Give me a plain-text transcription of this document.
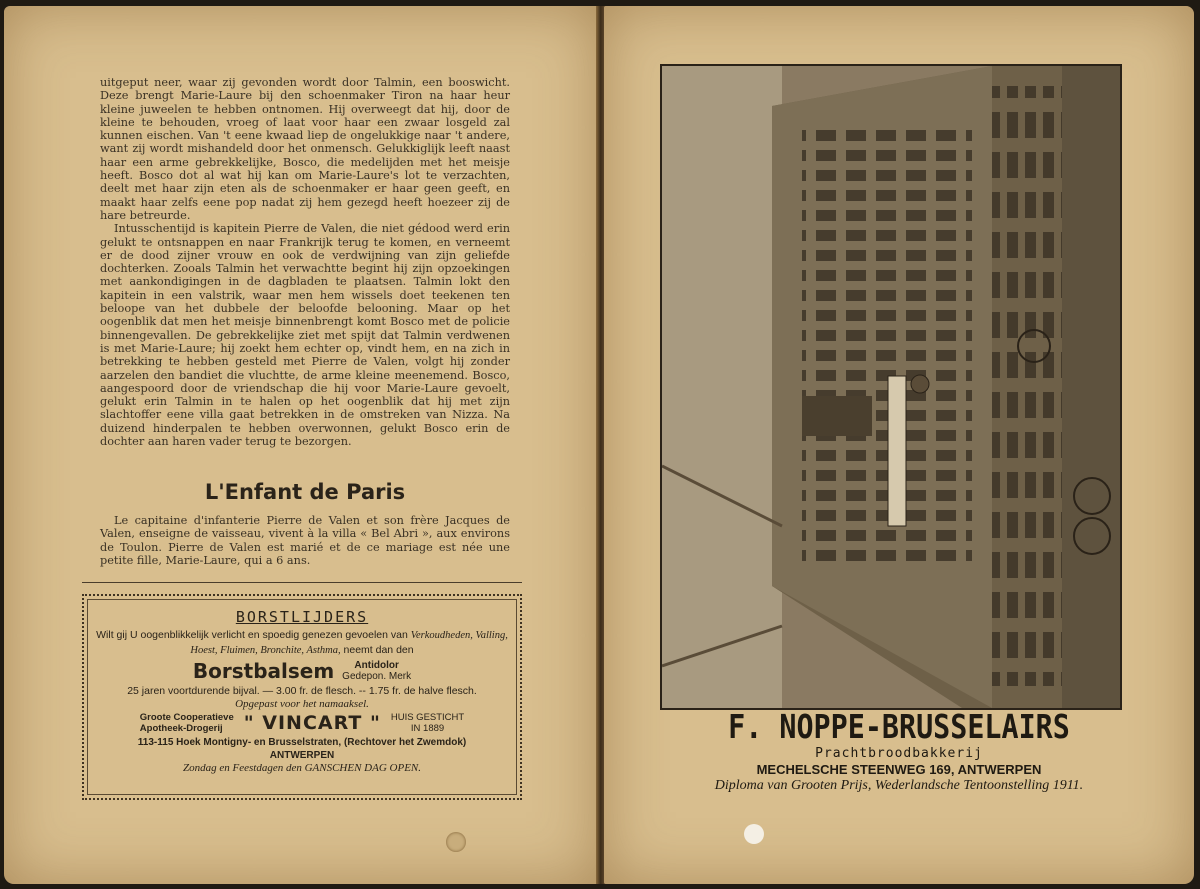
uitgeput neer, waar zij gevonden wordt door Talmin, een booswicht. Deze brengt Marie-Laure bij den schoenmaker Tiron na haar heur kleine juweelen te hebben ontnomen. Hij overweegt dat hij, door de kleine te behouden, vroeg of laat voor haar een zwaar losgeld zal kunnen eischen. Van 't eene kwaad liep de ongelukkige naar 't andere, want zij wordt mishandeld door het onmensch. Gelukkiglijk leeft naast haar een arme gebrekkelijke, Bosco, die medelijden met het meisje heeft. Bosco dot al wat hij kan om Marie-Laure's lot te verzachten, deelt met haar zijn eten als de schoenmaker er haar geen geeft, en maakt haar zelfs eene pop nadat zij hem gezegd heeft hoezeer zij de hare betreurde.

Intusschentijd is kapitein Pierre de Valen, die niet gédood werd erin gelukt te ontsnappen en naar Frankrijk terug te komen, en verneemt er de dood zijner vrouw en ook de verdwijning van zijn geliefde dochterken. Zooals Talmin het verwachtte begint hij zijn opzoekingen met aankondigingen in de dagbladen te plaatsen. Talmin lokt den kapitein in een valstrik, waar men hem wissels doet teekenen ten beloope van het dubbele der beloofde belooning. Maar op het oogenblik dat men het meisje binnenbrengt komt Bosco met de policie binnengevallen. De gebrekkelijke ziet met spijt dat Talmin verdwenen is met Marie-Laure; hij zoekt hem echter op, vindt hem, en na zich in betrekking te hebben gesteld met Pierre de Valen, volgt hij zonder aarzelen den bandiet die vluchtte, de arme kleine meenemend. Bosco, aangespoord door de vriendschap die hij voor Marie-Laure gevoelt, gelukt erin Talmin in te halen op het oogenblik dat hij met zijn slachtoffer eene villa gaat betrekken in de omstreken van Nizza. Na duizend hinderpalen te hebben overwonnen, gelukt Bosco erin de dochter aan haren vader terug te bezorgen.

L'Enfant de Paris

Le capitaine d'infanterie Pierre de Valen et son frère Jacques de Valen, enseigne de vaisseau, vivent à la villa « Bel Abri », aux environs de Toulon. Pierre de Valen est marié et de ce mariage est née une petite fille, Marie-Laure, qui a 6 ans.

BORSTLIJDERS
Wilt gij U oogenblikkelijk verlicht en spoedig genezen gevoelen van Verkoudheden, Valling, Hoest, Fluimen, Bronchite, Asthma, neemt dan den
Borstbalsem	Antidolor
Gedepon. Merk
25 jaren voortdurende bijval. — 3.00 fr. de flesch. -- 1.75 fr. de halve flesch.
Opgepast voor het namaaksel.
Groote Cooperatieve
Apotheek-Drogerij	" VINCART " HUIS GESTICHT
IN 1889
113-115 Hoek Montigny- en Brusselstraten, (Rechtover het Zwemdok)
ANTWERPEN
Zondag en Feestdagen den GANSCHEN DAG OPEN.
F. NOPPE-BRUSSELAIRS
Prachtbroodbakkerij
MECHELSCHE STEENWEG 169, ANTWERPEN
Diploma van Grooten Prijs, Wederlandsche Tentoonstelling 1911.
